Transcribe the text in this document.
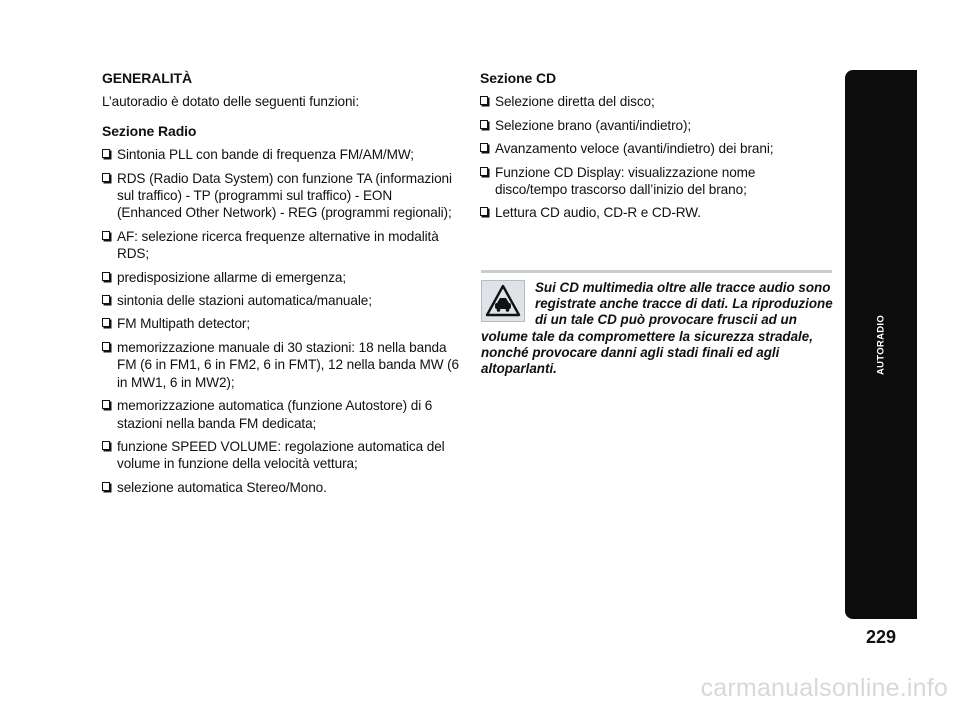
GENERALITÀ
L’autoradio è dotato delle seguenti funzioni:
Sezione Radio
Sintonia PLL con bande di frequenza FM/AM/MW;
RDS (Radio Data System) con funzione TA (informazioni sul traffico) - TP (programmi sul traffico) - EON (Enhanced Other Network) - REG (programmi regionali);
AF: selezione ricerca frequenze alternative in modalità RDS;
predisposizione allarme di emergenza;
sintonia delle stazioni automatica/manuale;
FM Multipath detector;
memorizzazione manuale di 30 stazioni: 18 nella banda FM (6 in FM1, 6 in FM2, 6 in FMT), 12 nella banda MW (6 in MW1, 6 in MW2);
memorizzazione automatica (funzione Autostore) di 6 stazioni nella banda FM dedicata;
funzione SPEED VOLUME: regolazione automatica del volume in funzione della velocità vettura;
selezione automatica Stereo/Mono.
Sezione CD
Selezione diretta del disco;
Selezione brano (avanti/indietro);
Avanzamento veloce (avanti/indietro) dei brani;
Funzione CD Display: visualizzazione nome disco/tempo trascorso dall’inizio del brano;
Lettura CD audio, CD-R e CD-RW.
Sui CD multimedia oltre alle tracce audio sono registrate anche tracce di dati. La riproduzione di un tale CD può provocare fruscii ad un volume tale da compromettere la sicurezza stradale, nonché provocare danni agli stadi finali ed agli altoparlanti.	AUTORADIO
229
carmanualsonline.info
